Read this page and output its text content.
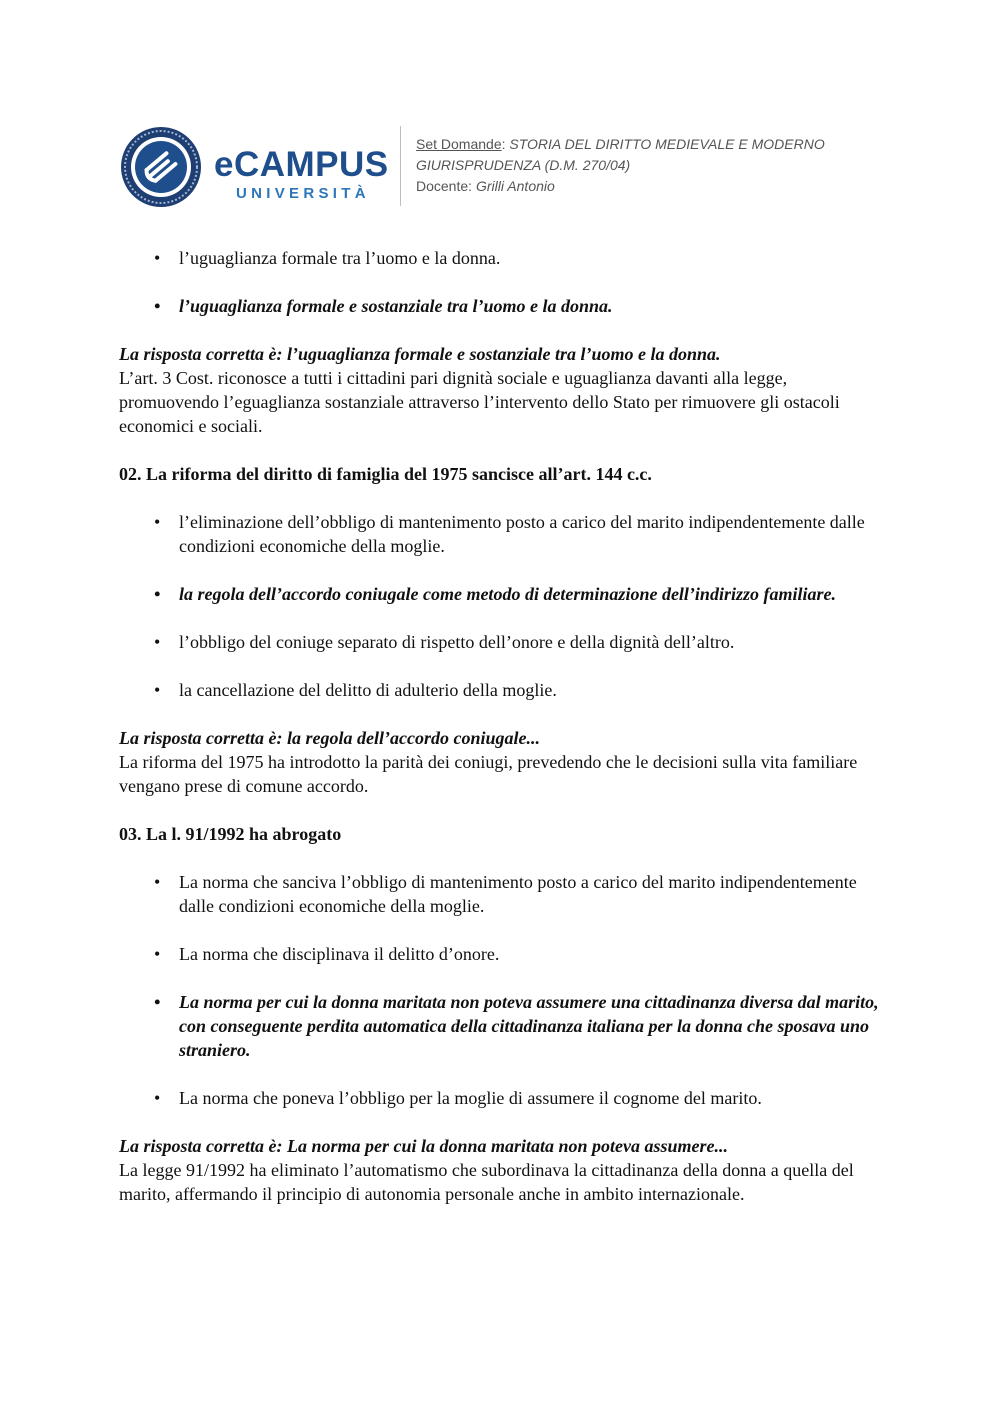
eCAMPUS
UNIVERSITÀ
Set Domande: STORIA DEL DIRITTO MEDIEVALE E MODERNO
GIURISPRUDENZA (D.M. 270/04)
Docente: Grilli Antonio
• l’uguaglianza formale tra l’uomo e la donna.
• l’uguaglianza formale e sostanziale tra l’uomo e la donna.
La risposta corretta è: l’uguaglianza formale e sostanziale tra l’uomo e la donna.
L’art. 3 Cost. riconosce a tutti i cittadini pari dignità sociale e uguaglianza davanti alla legge, promuovendo l’eguaglianza sostanziale attraverso l’intervento dello Stato per rimuovere gli ostacoli economici e sociali.
02. La riforma del diritto di famiglia del 1975 sancisce all’art. 144 c.c.
• l’eliminazione dell’obbligo di mantenimento posto a carico del marito indipendentemente dalle condizioni economiche della moglie.
• la regola dell’accordo coniugale come metodo di determinazione dell’indirizzo familiare.
• l’obbligo del coniuge separato di rispetto dell’onore e della dignità dell’altro.
• la cancellazione del delitto di adulterio della moglie.
La risposta corretta è: la regola dell’accordo coniugale...
La riforma del 1975 ha introdotto la parità dei coniugi, prevedendo che le decisioni sulla vita familiare vengano prese di comune accordo.
03. La l. 91/1992 ha abrogato
• La norma che sanciva l’obbligo di mantenimento posto a carico del marito indipendentemente dalle condizioni economiche della moglie.
• La norma che disciplinava il delitto d’onore.
• La norma per cui la donna maritata non poteva assumere una cittadinanza diversa dal marito, con conseguente perdita automatica della cittadinanza italiana per la donna che sposava uno straniero.
• La norma che poneva l’obbligo per la moglie di assumere il cognome del marito.
La risposta corretta è: La norma per cui la donna maritata non poteva assumere...
La legge 91/1992 ha eliminato l’automatismo che subordinava la cittadinanza della donna a quella del marito, affermando il principio di autonomia personale anche in ambito internazionale.
